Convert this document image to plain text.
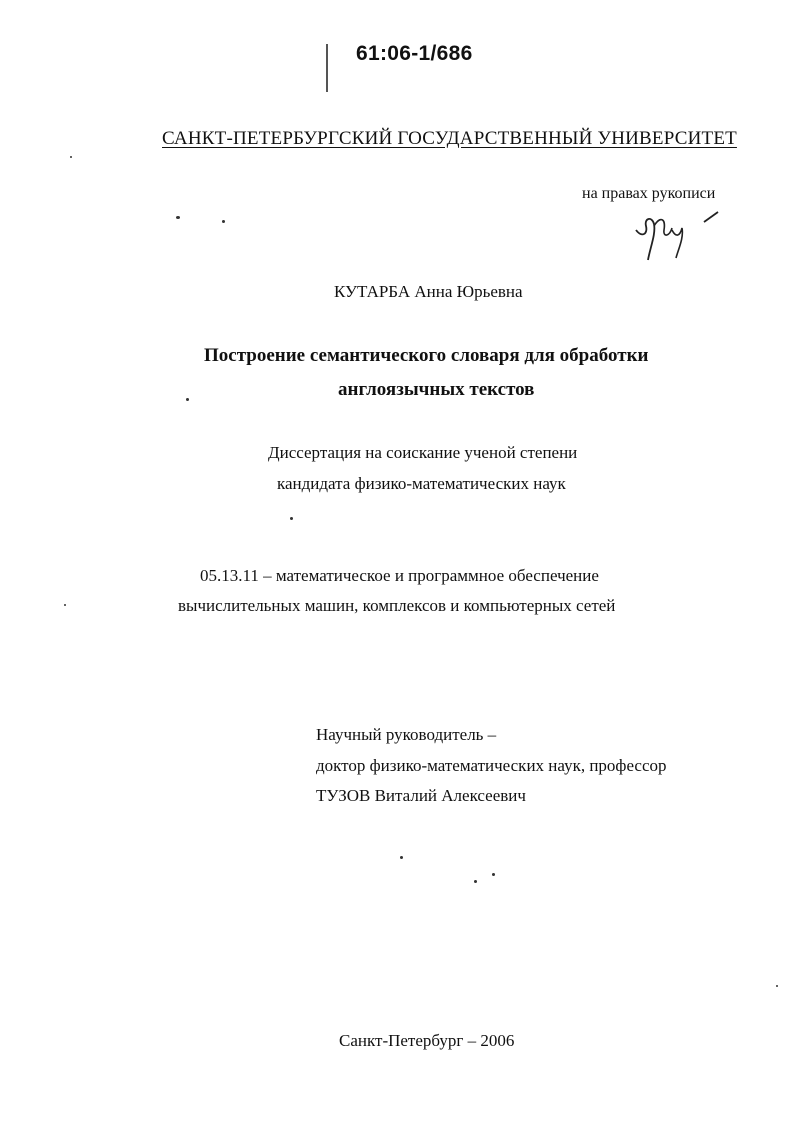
61:06-1/686
САНКТ-ПЕТЕРБУРГСКИЙ ГОСУДАРСТВЕННЫЙ УНИВЕРСИТЕТ
на правах рукописи
КУТАРБА Анна Юрьевна
Построение семантического словаря для обработки
англоязычных текстов
Диссертация на соискание ученой степени
кандидата физико-математических наук
05.13.11 – математическое и программное обеспечение
вычислительных машин, комплексов и компьютерных сетей
Научный руководитель –
доктор физико-математических наук, профессор
ТУЗОВ Виталий Алексеевич
Санкт-Петербург – 2006
